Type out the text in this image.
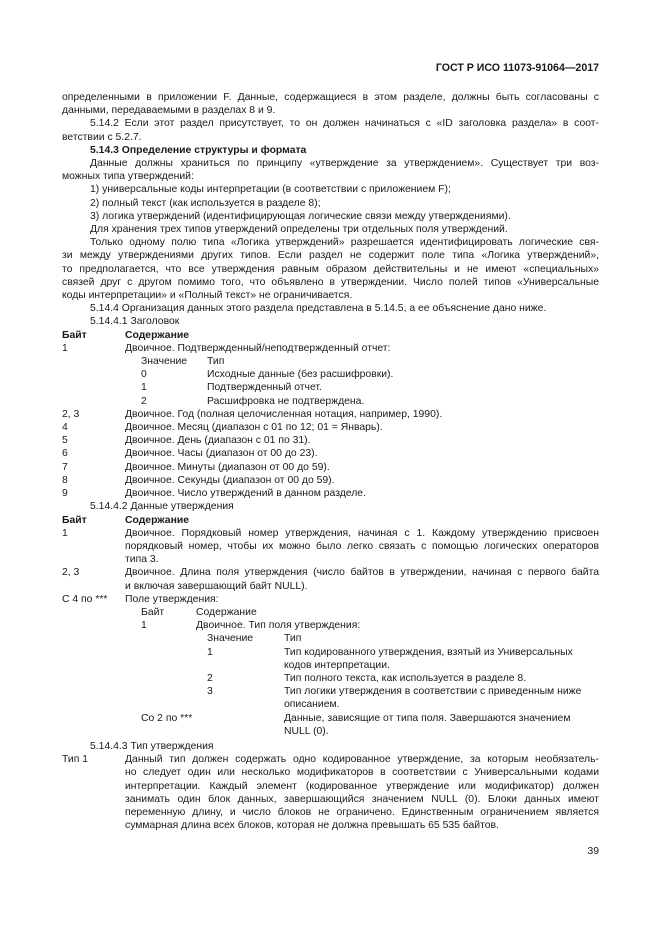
ГОСТ Р ИСО 11073-91064—2017

определенными в приложении F. Данные, содержащиеся в этом разделе, должны быть согласованы с

данными, передаваемыми в разделах 8 и 9.

5.14.2 Если этот раздел присутствует, то он должен начинаться с «ID заголовка раздела» в соот-

ветствии с 5.2.7.

5.14.3 Определение структуры и формата

Данные должны храниться по принципу «утверждение за утверждением». Существует три воз-

можных типа утверждений:

1) универсальные коды интерпретации (в соответствии с приложением F);

2) полный текст (как используется в разделе 8);

3) логика утверждений (идентифицирующая логические связи между утверждениями).

Для хранения трех типов утверждений определены три отдельных поля утверждений.

Только одному полю типа «Логика утверждений» разрешается идентифицировать логические свя-

зи между утверждениями других типов. Если раздел не содержит поле типа «Логика утверждений»,

то предполагается, что все утверждения равным образом действительны и не имеют «специальных»

связей друг с другом помимо того, что объявлено в утверждении. Число полей типов «Универсальные

коды интерпретации» и «Полный текст» не ограничивается.

5.14.4 Организация данных этого раздела представлена в 5.14.5, а ее объяснение дано ниже.

5.14.4.1 Заголовок

Байт	Содержание
1	Двоичное. Подтвержденный/неподтвержденный отчет:
Значение	Тип
0	Исходные данные (без расшифровки).
1	Подтвержденный отчет.
2	Расшифровка не подтверждена.
2, 3	Двоичное. Год (полная целочисленная нотация, например, 1990).
4	Двоичное. Месяц (диапазон с 01 по 12; 01 = Январь).
5	Двоичное. День (диапазон с 01 по 31).
6	Двоичное. Часы (диапазон от 00 до 23).
7	Двоичное. Минуты (диапазон от 00 до 59).
8	Двоичное. Секунды (диапазон от 00 до 59).
9	Двоичное. Число утверждений в данном разделе.

5.14.4.2 Данные утверждения

Байт	Содержание
1	Двоичное. Порядковый номер утверждения, начиная с 1. Каждому утверждению присвоен
порядковый номер, чтобы их можно было легко связать с помощью логических операторов
типа 3.
2, 3	Двоичное. Длина поля утверждения (число байтов в утверждении, начиная с первого байта
и включая завершающий байт NULL).
С 4 по ***	Поле утверждения:
Байт	Содержание
1	Двоичное. Тип поля утверждения:
Значение	Тип
1	Тип кодированного утверждения, взятый из Универсальных
кодов интерпретации.
2	Тип полного текста, как используется в разделе 8.
3	Тип логики утверждения в соответствии с приведенным ниже
описанием.
Со 2 по ***	Данные, зависящие от типа поля. Завершаются значением
NULL (0).

5.14.4.3 Тип утверждения

Тип 1	Данный тип должен содержать одно кодированное утверждение, за которым необязатель-
но следует один или несколько модификаторов в соответствии с Универсальными кодами
интерпретации. Каждый элемент (кодированное утверждение или модификатор) должен
занимать один блок данных, завершающийся значением NULL (0). Блоки данных имеют
переменную длину, и число блоков не ограничено. Единственным ограничением является
суммарная длина всех блоков, которая не должна превышать 65 535 байтов.
39
